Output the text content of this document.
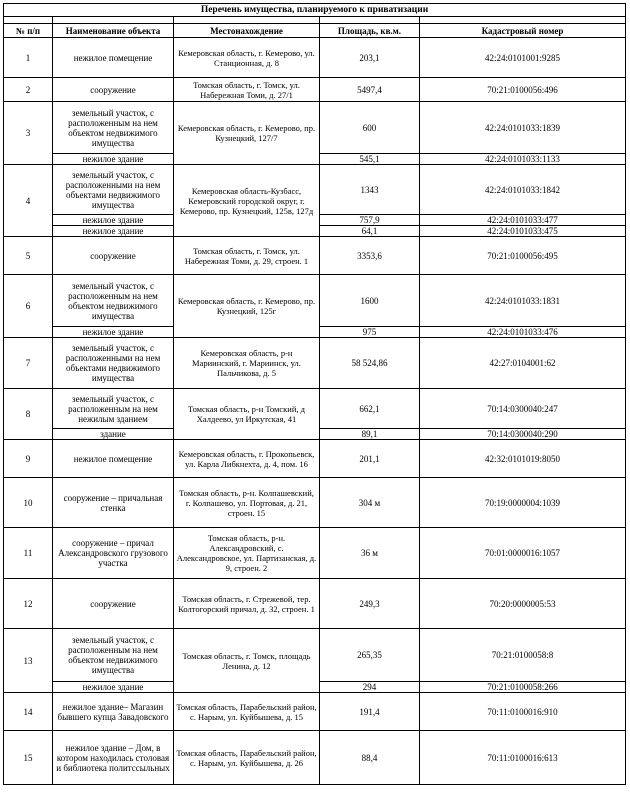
Перечень имущества, планируемого к приватизации				

№ п/п	Наименование объекта	Местонахождение	Площадь, кв.м.	Кадастровый номер
1	нежилое помещение	Кемеровская область, г. Кемерово, ул. Станционная, д. 8	203,1	42:24:0101001:9285
2	сооружение	Томская область, г. Томск, ул. Набережная Томи, д. 27/1	5497,4	70:21:0100056:496
3	земельный участок, с расположенным на нем объектом недвижимого имущества	Кемеровская область, г. Кемерово, пр. Кузнецкий, 127/7	600	42:24:0101033:1839
	нежилое здание		545,1	42:24:0101033:1133
4	земельный участок, с расположенными на нем объектами недвижимого имущества	Кемеровская область-Кузбасс, Кемеровский городской округ, г. Кемерово, пр. Кузнецкий, 125в, 127д	1343	42:24:0101033:1842
	нежилое здание		757,9	42:24:0101033:477
	нежилое здание		64,1	42:24:0101033:475
5	сооружение	Томская область, г. Томск, ул. Набережная Томи, д. 29, строен. 1	3353,6	70:21:0100056:495
6	земельный участок, с расположенным на нем объектом недвижимого имущества	Кемеровская область, г. Кемерово, пр. Кузнецкий, 125г	1600	42:24:0101033:1831
	нежилое здание		975	42:24:0101033:476
7	земельный участок, с расположенными на нем объектами недвижимого имущества	Кемеровская область, р-н Мариинский, г. Мариинск, ул. Пальчикова, д. 5	58 524,86	42:27:0104001:62
8	земельный участок, с расположенным на нем нежилым зданием	Томская область, р-н Томский, д Халдеево, ул Иркутская, 41	662,1	70:14:0300040:247
	здание		89,1	70:14:0300040:290
9	нежилое помещение	Кемеровская область, г. Прокопьевск, ул. Карла Либкнехта, д. 4, пом. 16	201,1	42:32:0101019:8050
10	сооружение – причальная стенка	Томская область, р-н. Колпашевский, г. Колпашево, ул. Портовая, д. 21, строен. 15	304 м	70:19:0000004:1039
11	сооружение – причал Александровского грузового участка	Томская область, р-н. Александровский, с. Александровское, ул. Партизанская, д. 9, строен. 2	36 м	70:01:0000016:1057
12	сооружение	Томская область, г. Стрежевой, тер. Колтогорский причал, д. 32, строен. 1	249,3	70:20:0000005:53
13	земельный участок, с расположенным на нем объектом недвижимого имущества	Томская область, г. Томск, площадь Ленина, д. 12	265,35	70:21:0100058:8
	нежилое здание		294	70:21:0100058:266
14	нежилое здание– Магазин бывшего купца Завадовского	Томская область, Парабельский район, с. Нарым, ул. Куйбышева, д. 15	191,4	70:11:0100016:910
15	нежилое здание – Дом, в котором находилась столовая и библиотека политссыльных	Томская область, Парабельский район, с. Нарым, ул. Куйбышева, д. 26	88,4	70:11:0100016:613
